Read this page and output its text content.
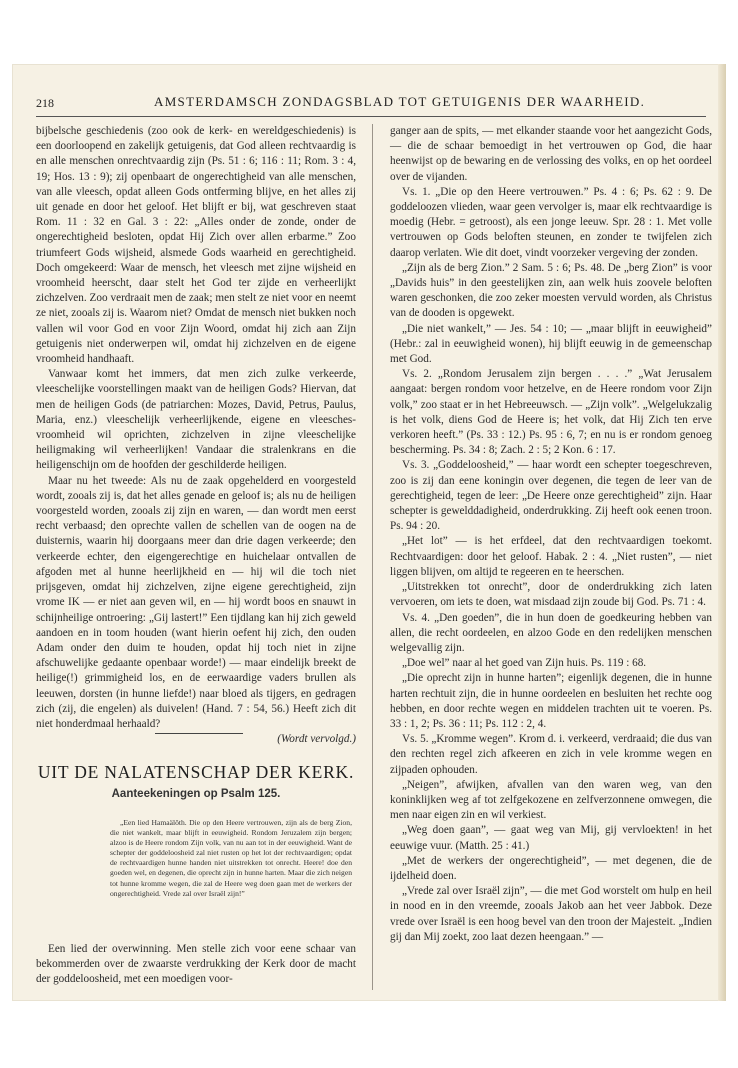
218	AMSTERDAMSCH ZONDAGSBLAD TOT GETUIGENIS DER WAARHEID.

bijbelsche geschiedenis (zoo ook de kerk- en wereldgeschiedenis) is een doorloopend en zakelijk getuigenis, dat God alleen rechtvaardig is en alle menschen onrechtvaardig zijn (Ps. 51 : 6; 116 : 11; Rom. 3 : 4, 19; Hos. 13 : 9); zij openbaart de ongerechtigheid van alle menschen, van alle vleesch, opdat alleen Gods ontferming blijve, en het alles zij uit genade en door het geloof. Het blijft er bij, wat geschreven staat Rom. 11 : 32 en Gal. 3 : 22: „Alles onder de zonde, onder de ongerechtigheid besloten, opdat Hij Zich over allen erbarme.” Zoo triumfeert Gods wijsheid, alsmede Gods waarheid en gerechtigheid. Doch omgekeerd: Waar de mensch, het vleesch met zijne wijsheid en vroomheid heerscht, daar stelt het God ter zijde en verheerlijkt zichzelven. Zoo verdraait men de zaak; men stelt ze niet voor en neemt ze niet, zooals zij is. Waarom niet? Omdat de mensch niet bukken noch vallen wil voor God en voor Zijn Woord, omdat hij zich aan Zijn getuigenis niet onderwerpen wil, omdat hij zichzelven en de eigene vroomheid handhaaft.

Vanwaar komt het immers, dat men zich zulke verkeerde, vleeschelijke voorstellingen maakt van de heiligen Gods? Hiervan, dat men de heiligen Gods (de patriarchen: Mozes, David, Petrus, Paulus, Maria, enz.) vleeschelijk verheerlijkende, eigene en vleesches-vroomheid wil oprichten, zichzelven in zijne vleeschelijke heiligmaking wil verheerlijken! Vandaar die stralenkrans en die heiligenschijn om de hoofden der geschilderde heiligen.

Maar nu het tweede: Als nu de zaak opgehelderd en voorgesteld wordt, zooals zij is, dat het alles genade en geloof is; als nu de heiligen voorgesteld worden, zooals zij zijn en waren, — dan wordt men eerst recht verbaasd; den oprechte vallen de schellen van de oogen na de duisternis, waarin hij doorgaans meer dan drie dagen verkeerde; den verkeerde echter, den eigengerechtige en huichelaar ontvallen de afgoden met al hunne heerlijkheid en — hij wil die toch niet prijsgeven, omdat hij zichzelven, zijne eigene gerechtigheid, zijn vrome IK — er niet aan geven wil, en — hij wordt boos en snauwt in schijnheilige ontroering: „Gij lastert!” Een tijdlang kan hij zich geweld aandoen en in toom houden (want hierin oefent hij zich, den ouden Adam onder den duim te houden, opdat hij toch niet in zijne afschuwelijke gedaante openbaar worde!) — maar eindelijk breekt de heilige(!) grimmigheid los, en de eerwaardige vaders brullen als leeuwen, dorsten (in hunne liefde!) naar bloed als tijgers, en gedragen zich (zij, die engelen) als duivelen! (Hand. 7 : 54, 56.) Heeft zich dit niet honderdmaal herhaald?

(Wordt vervolgd.)
UIT DE NALATENSCHAP DER KERK.
Aanteekeningen op Psalm 125.

„Een lied Hamaälôth. Die op den Heere vertrouwen, zijn als de berg Zion, die niet wankelt, maar blijft in eeuwigheid. Rondom Jeruzalem zijn bergen; alzoo is de Heere rondom Zijn volk, van nu aan tot in der eeuwigheid. Want de schepter der goddeloosheid zal niet rusten op het lot der rechtvaardigen; opdat de rechtvaardigen hunne handen niet uitstrekken tot onrecht. Heere! doe den goeden wel, en degenen, die oprecht zijn in hunne harten. Maar die zich neigen tot hunne kromme wegen, die zal de Heere weg doen gaan met de werkers der ongerechtigheid. Vrede zal over Israël zijn!”

Een lied der overwinning. Men stelle zich voor eene schaar van bekommerden over de zwaarste verdrukking der Kerk door de macht der goddeloosheid, met een moedigen voor-

ganger aan de spits, — met elkander staande voor het aangezicht Gods, — die de schaar bemoedigt in het vertrouwen op God, die haar heenwijst op de bewaring en de verlossing des volks, en op het oordeel over de vijanden.

Vs. 1. „Die op den Heere vertrouwen.” Ps. 4 : 6; Ps. 62 : 9. De goddeloozen vlieden, waar geen vervolger is, maar elk rechtvaardige is moedig (Hebr. = getroost), als een jonge leeuw. Spr. 28 : 1. Met volle vertrouwen op Gods beloften steunen, en zonder te twijfelen zich daarop verlaten. Wie dit doet, vindt voorzeker vergeving der zonden.

„Zijn als de berg Zion.” 2 Sam. 5 : 6; Ps. 48. De „berg Zion” is voor „Davids huis” in den geestelijken zin, aan welk huis zoovele beloften waren geschonken, die zoo zeker moesten vervuld worden, als Christus van de dooden is opgewekt.

„Die niet wankelt,” — Jes. 54 : 10; — „maar blijft in eeuwigheid” (Hebr.: zal in eeuwigheid wonen), hij blijft eeuwig in de gemeenschap met God.

Vs. 2. „Rondom Jerusalem zijn bergen . . . .” „Wat Jerusalem aangaat: bergen rondom voor hetzelve, en de Heere rondom voor Zijn volk,” zoo staat er in het Hebreeuwsch. — „Zijn volk”. „Welgelukzalig is het volk, diens God de Heere is; het volk, dat Hij Zich ten erve verkoren heeft.” (Ps. 33 : 12.) Ps. 95 : 6, 7; en nu is er rondom genoeg bescherming. Ps. 34 : 8; Zach. 2 : 5; 2 Kon. 6 : 17.

Vs. 3. „Goddeloosheid,” — haar wordt een schepter toegeschreven, zoo is zij dan eene koningin over degenen, die tegen de leer van de gerechtigheid, tegen de leer: „De Heere onze gerechtigheid” zijn. Haar schepter is gewelddadigheid, onderdrukking. Zij heeft ook eenen troon. Ps. 94 : 20.

„Het lot” — is het erfdeel, dat den rechtvaardigen toekomt. Rechtvaardigen: door het geloof. Habak. 2 : 4. „Niet rusten”, — niet liggen blijven, om altijd te regeeren en te heerschen.

„Uitstrekken tot onrecht”, door de onderdrukking zich laten vervoeren, om iets te doen, wat misdaad zijn zoude bij God. Ps. 71 : 4.

Vs. 4. „Den goeden”, die in hun doen de goedkeuring hebben van allen, die recht oordeelen, en alzoo Gode en den redelijken menschen welgevallig zijn.

„Doe wel” naar al het goed van Zijn huis. Ps. 119 : 68.

„Die oprecht zijn in hunne harten”; eigenlijk degenen, die in hunne harten rechtuit zijn, die in hunne oordeelen en besluiten het rechte oog hebben, en door rechte wegen en middelen trachten uit te voeren. Ps. 33 : 1, 2; Ps. 36 : 11; Ps. 112 : 2, 4.

Vs. 5. „Kromme wegen”. Krom d. i. verkeerd, verdraaid; die dus van den rechten regel zich afkeeren en zich in vele kromme wegen en zijpaden ophouden.

„Neigen”, afwijken, afvallen van den waren weg, van den koninklijken weg af tot zelfgekozene en zelfverzonnene omwegen, die men naar eigen zin en wil verkiest.

„Weg doen gaan”, — gaat weg van Mij, gij vervloekten! in het eeuwige vuur. (Matth. 25 : 41.)

„Met de werkers der ongerechtigheid”, — met degenen, die de ijdelheid doen.

„Vrede zal over Israël zijn”, — die met God worstelt om hulp en heil in nood en in den vreemde, zooals Jakob aan het veer Jabbok. Deze vrede over Israël is een hoog bevel van den troon der Majesteit. „Indien gij dan Mij zoekt, zoo laat dezen heengaan.” —
